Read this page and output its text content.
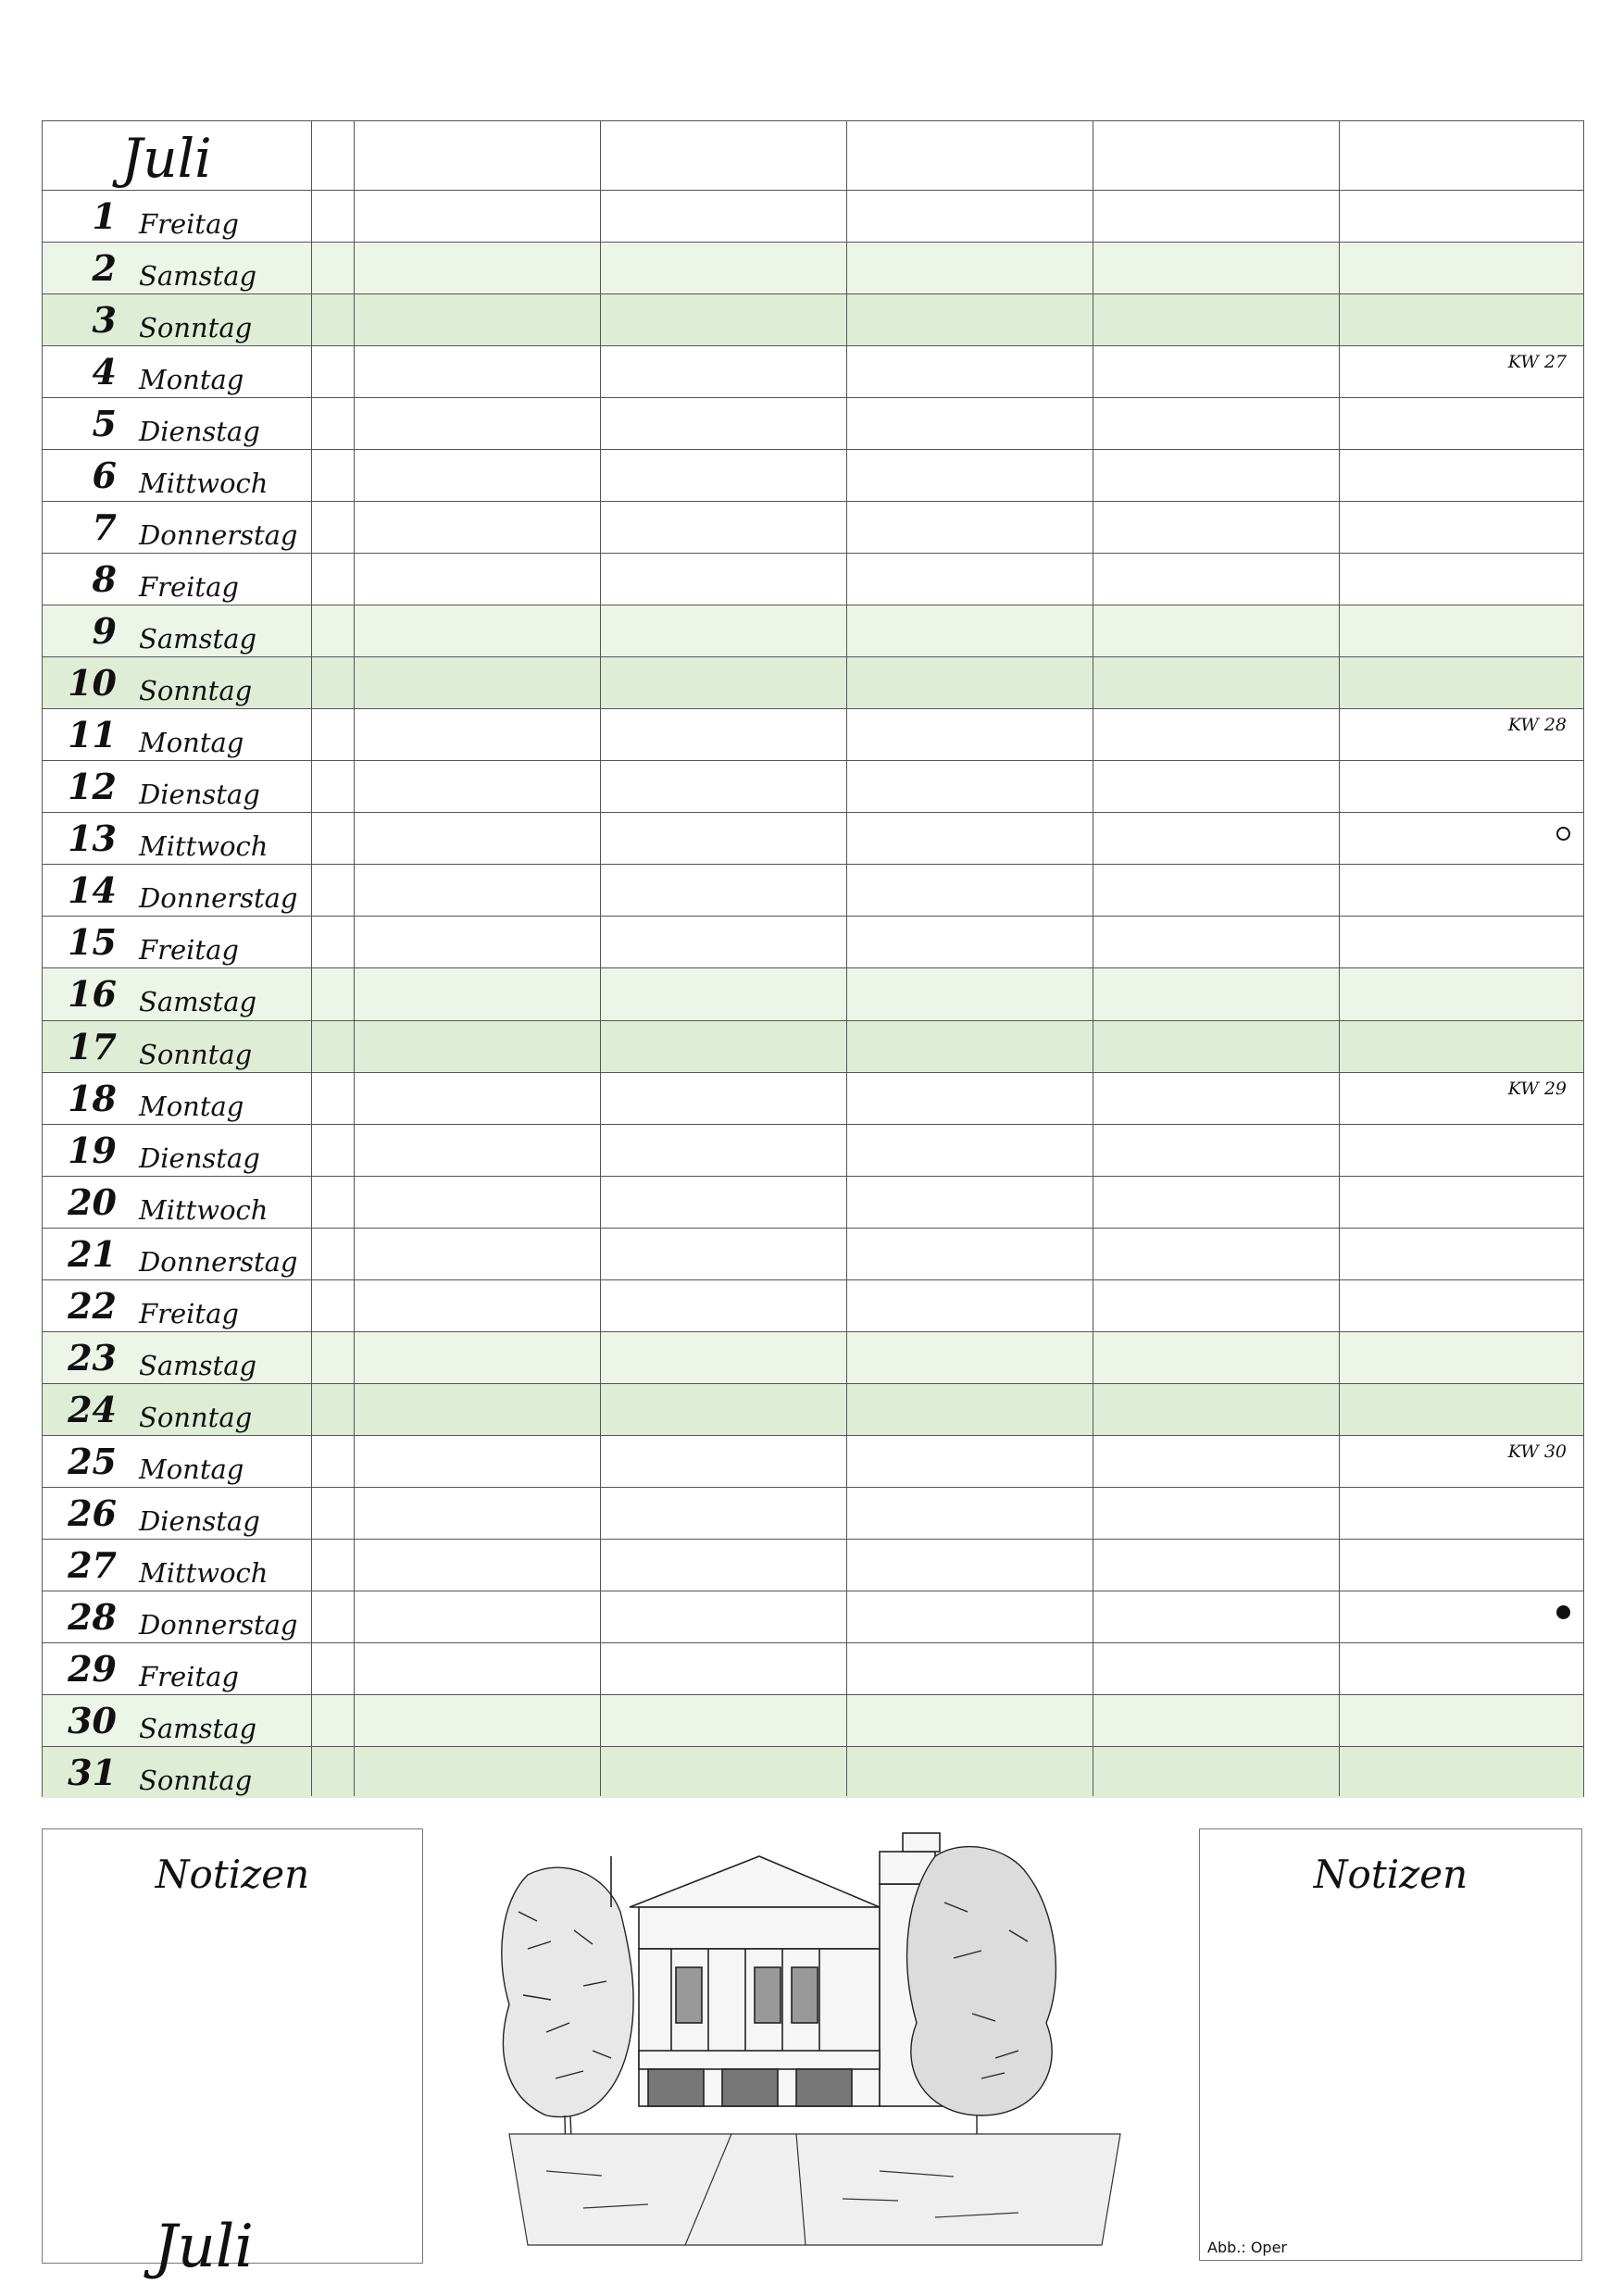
Juli
1 Freitag
2 Samstag
3 Sonntag
4 Montag
KW 27
5 Dienstag
6 Mittwoch
7 Donnerstag
8 Freitag
9 Samstag
10 Sonntag
11 Montag
KW 28
12 Dienstag
13 Mittwoch
14 Donnerstag
15 Freitag
16 Samstag
17 Sonntag
18 Montag
KW 29
19 Dienstag
20 Mittwoch
21 Donnerstag
22 Freitag
23 Samstag
24 Sonntag
25 Montag
KW 30
26 Dienstag
27 Mittwoch
28 Donnerstag
29 Freitag
30 Samstag
31 Sonntag
Notizen
Juli
Notizen
Abb.: Oper
